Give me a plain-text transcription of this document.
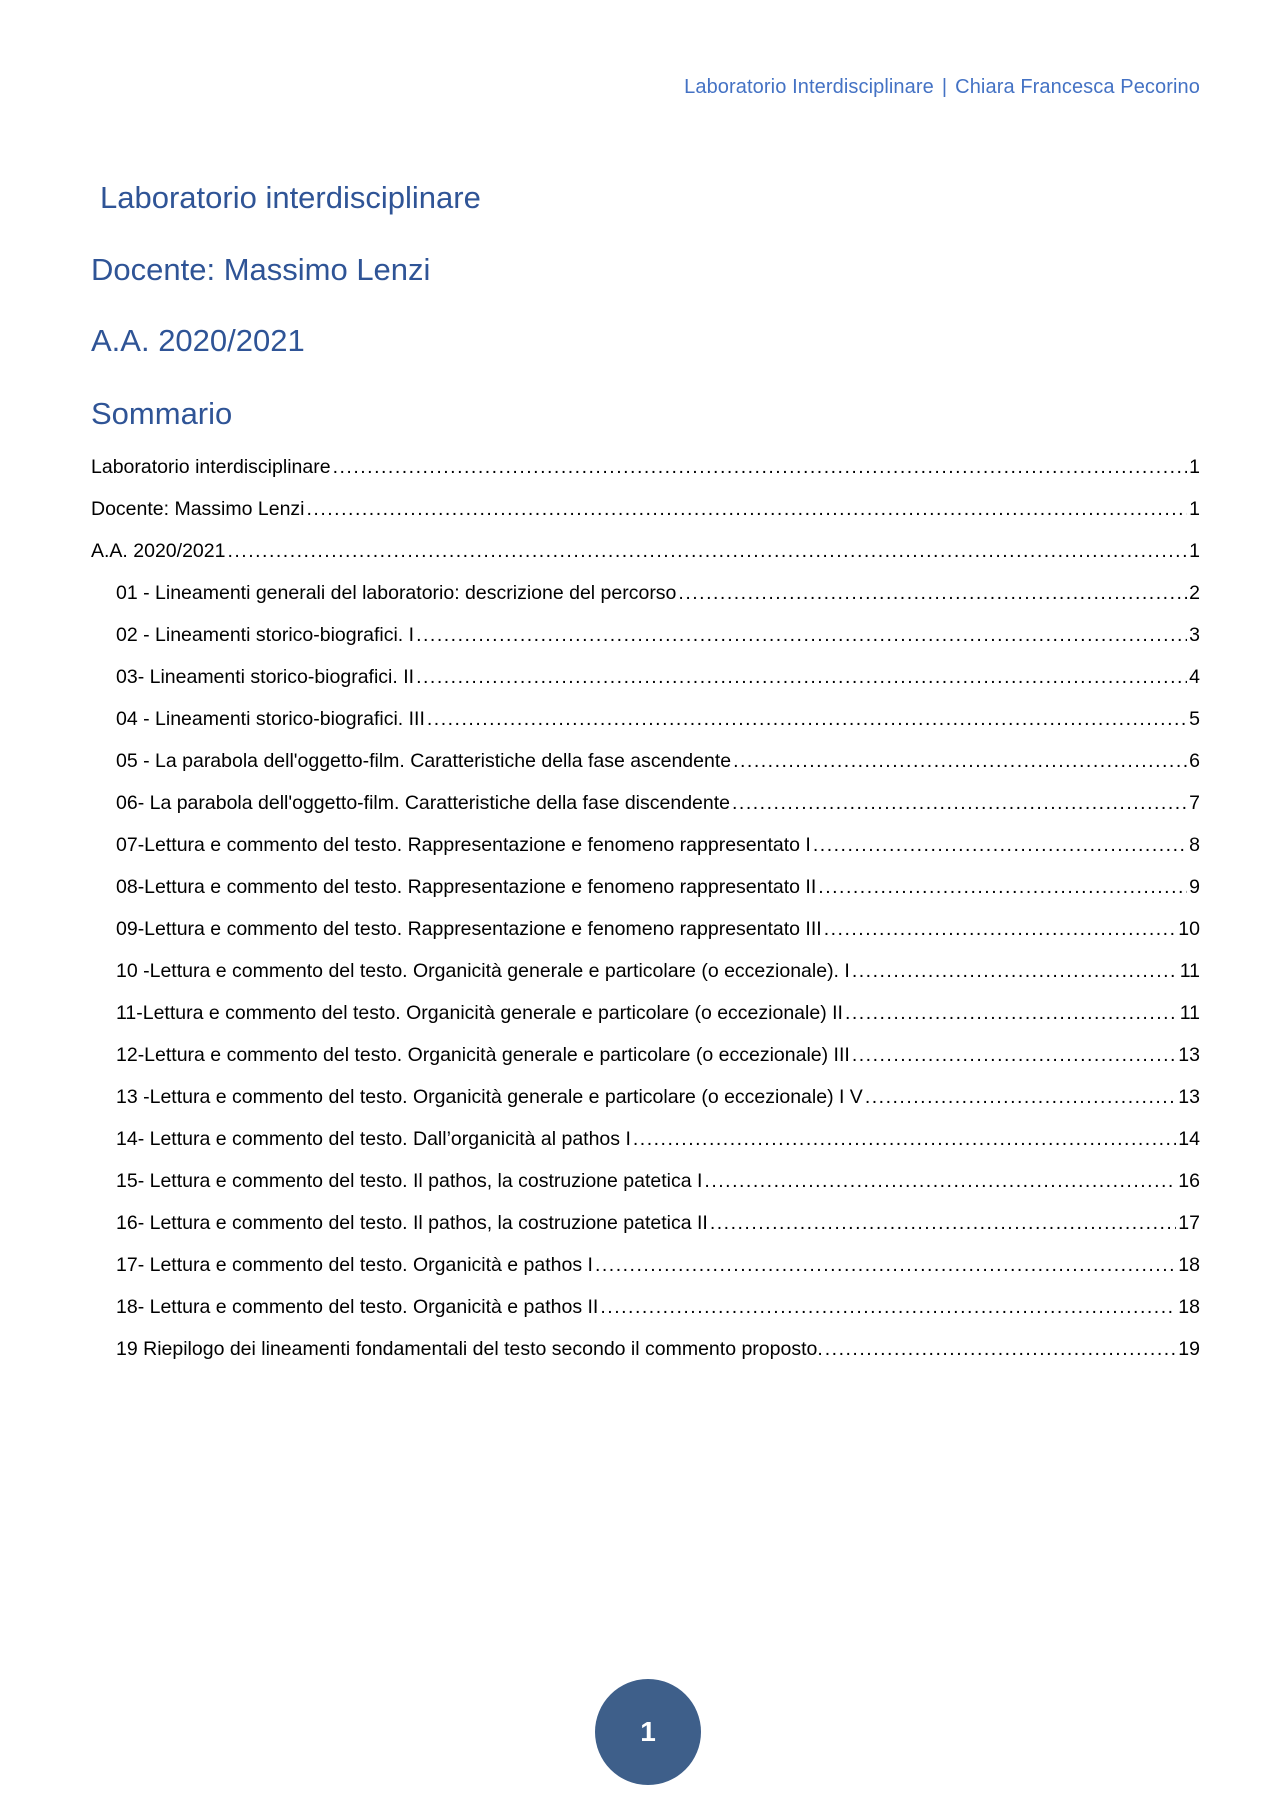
Laboratorio Interdisciplinare | Chiara Francesca Pecorino
Laboratorio interdisciplinare
Docente: Massimo Lenzi
A.A. 2020/2021
Sommario
Laboratorio interdisciplinare .....	1
Docente: Massimo Lenzi .....	1
A.A. 2020/2021 .....	1
01 - Lineamenti generali del laboratorio: descrizione del percorso .....	2
02 - Lineamenti storico-biografici. I .....	3
03- Lineamenti storico-biografici. II .....	4
04 - Lineamenti storico-biografici. III .....	5
05 - La parabola dell'oggetto-film. Caratteristiche della fase ascendente .....	6
06- La parabola dell'oggetto-film. Caratteristiche della fase discendente .....	7
07-Lettura e commento del testo. Rappresentazione e fenomeno rappresentato I .....	8
08-Lettura e commento del testo. Rappresentazione e fenomeno rappresentato II .....	9
09-Lettura e commento del testo. Rappresentazione e fenomeno rappresentato III .....	10
10 -Lettura e commento del testo. Organicità generale e particolare (o eccezionale). I .....	11
11-Lettura e commento del testo. Organicità generale e particolare (o eccezionale) II .....	11
12-Lettura e commento del testo. Organicità generale e particolare (o eccezionale) III .....	13
13 -Lettura e commento del testo. Organicità generale e particolare (o eccezionale) I V .....	13
14- Lettura e commento del testo. Dall’organicità al pathos I .....	14
15- Lettura e commento del testo. Il pathos, la costruzione patetica I .....	16
16- Lettura e commento del testo. Il pathos, la costruzione patetica II .....	17
17- Lettura e commento del testo. Organicità e pathos I .....	18
18- Lettura e commento del testo. Organicità e pathos II .....	18
19 Riepilogo dei lineamenti fondamentali del testo secondo il commento proposto. .....	19
1
